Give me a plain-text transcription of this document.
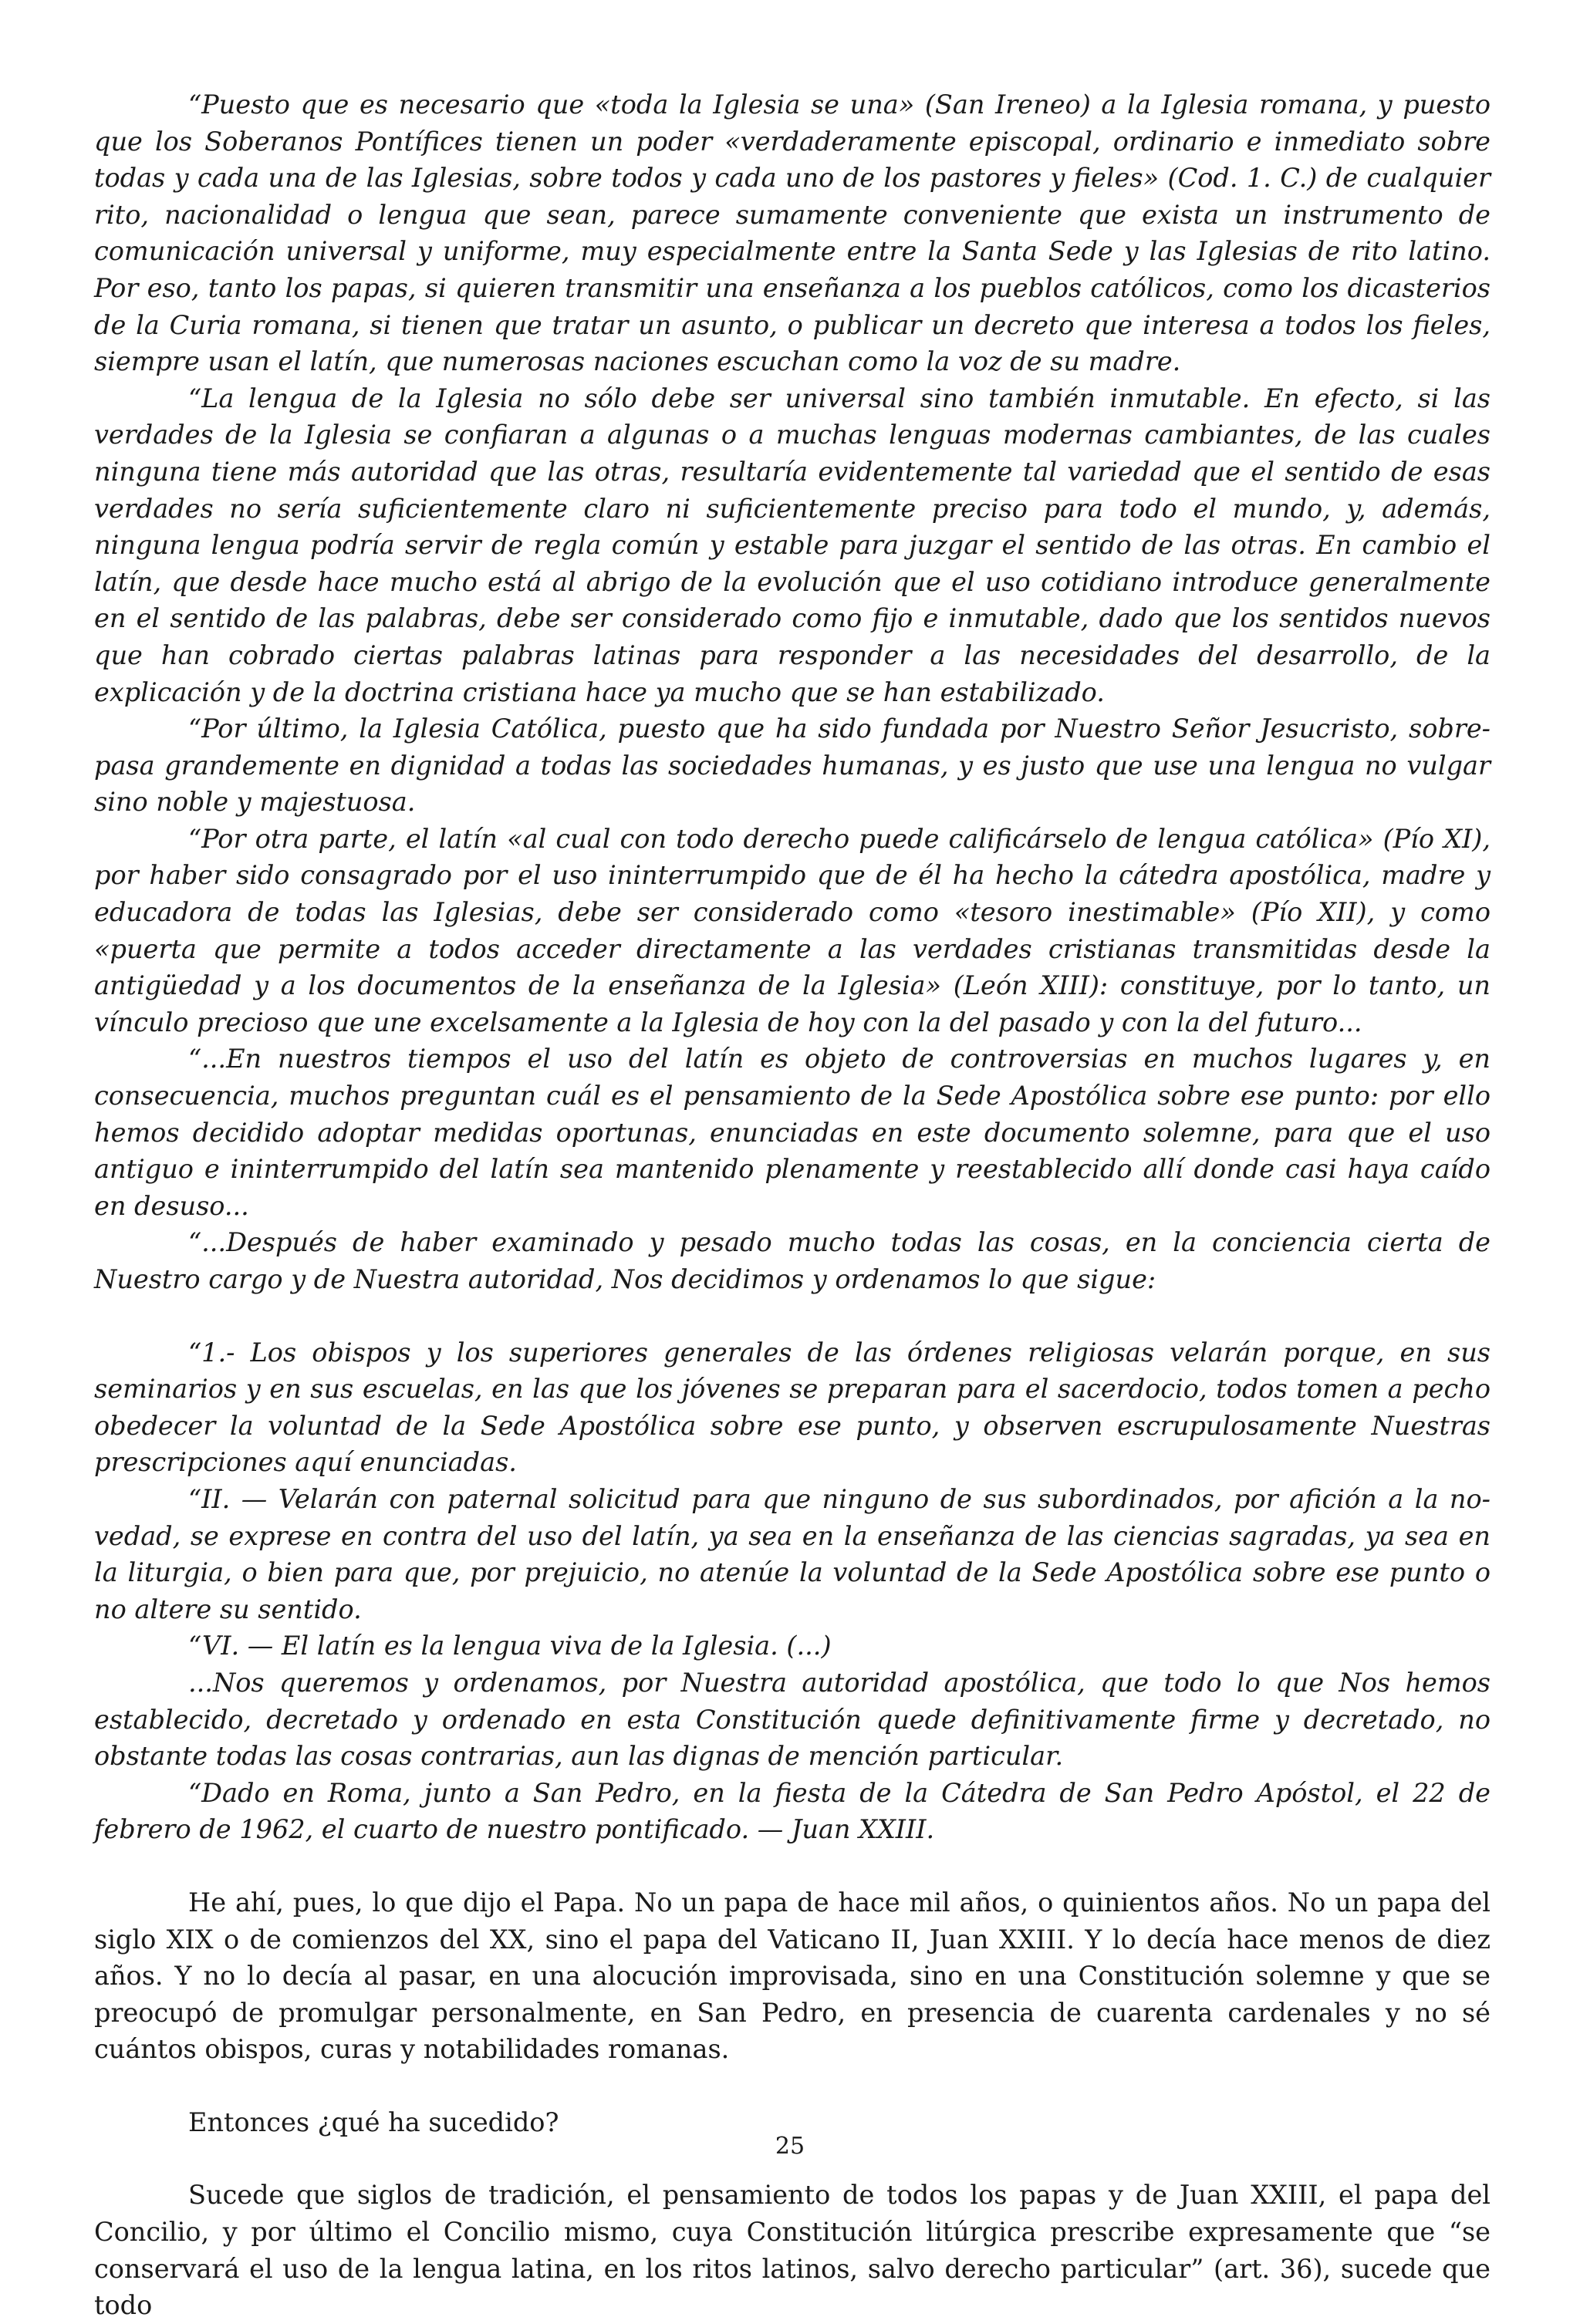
“Puesto que es necesario que «toda la Iglesia se una» (San Ireneo) a la Iglesia romana, y puesto que los Soberanos Pontífices tienen un poder «verdaderamente episcopal, ordinario e inmediato sobre todas y cada una de las Iglesias, sobre todos y cada uno de los pastores y fieles» (Cod. 1. C.) de cualquier rito, nacionalidad o lengua que sean, parece sumamente conveniente que exista un instrumento de comunicación universal y uniforme, muy especialmente entre la Santa Sede y las Iglesias de rito latino. Por eso, tanto los papas, si quieren transmitir una enseñanza a los pueblos católicos, como los dicasterios de la Curia romana, si tienen que tratar un asunto, o publicar un decreto que interesa a todos los fieles, siempre usan el latín, que numerosas naciones escuchan como la voz de su madre.

“La lengua de la Iglesia no sólo debe ser universal sino también inmutable. En efecto, si las verdades de la Iglesia se confiaran a algunas o a muchas lenguas modernas cambiantes, de las cuales ninguna tiene más autoridad que las otras, resultaría evidentemente tal variedad que el sentido de esas verdades no sería suficientemente claro ni suficientemente preciso para todo el mundo, y, además, ninguna lengua podría servir de regla común y estable para juzgar el sentido de las otras. En cambio el latín, que desde hace mucho está al abrigo de la evolución que el uso cotidiano introduce generalmente en el sentido de las palabras, debe ser considerado como fijo e inmutable, dado que los sentidos nuevos que han cobrado ciertas palabras latinas para responder a las necesidades del desarrollo, de la explicación y de la doctrina cristiana hace ya mucho que se han estabilizado.

“Por último, la Iglesia Católica, puesto que ha sido fundada por Nuestro Señor Jesucristo, sobre-pasa grandemente en dignidad a todas las sociedades humanas, y es justo que use una lengua no vulgar sino noble y majestuosa.

“Por otra parte, el latín «al cual con todo derecho puede calificárselo de lengua católica» (Pío XI), por haber sido consagrado por el uso ininterrumpido que de él ha hecho la cátedra apostólica, madre y educadora de todas las Iglesias, debe ser considerado como «tesoro inestimable» (Pío XII), y como «puerta que permite a todos acceder directamente a las verdades cristianas transmitidas desde la antigüedad y a los documentos de la enseñanza de la Iglesia» (León XIII): constituye, por lo tanto, un vínculo precioso que une excelsamente a la Iglesia de hoy con la del pasado y con la del futuro...

“...En nuestros tiempos el uso del latín es objeto de controversias en muchos lugares y, en consecuencia, muchos preguntan cuál es el pensamiento de la Sede Apostólica sobre ese punto: por ello hemos decidido adoptar medidas oportunas, enunciadas en este documento solemne, para que el uso antiguo e ininterrumpido del latín sea mantenido plenamente y reestablecido allí donde casi haya caído en desuso...

“...Después de haber examinado y pesado mucho todas las cosas, en la conciencia cierta de Nuestro cargo y de Nuestra autoridad, Nos decidimos y ordenamos lo que sigue:

“1.- Los obispos y los superiores generales de las órdenes religiosas velarán porque, en sus seminarios y en sus escuelas, en las que los jóvenes se preparan para el sacerdocio, todos tomen a pecho obedecer la voluntad de la Sede Apostólica sobre ese punto, y observen escrupulosamente Nuestras prescripciones aquí enunciadas.

“II. — Velarán con paternal solicitud para que ninguno de sus subordinados, por afición a la no-vedad, se exprese en contra del uso del latín, ya sea en la enseñanza de las ciencias sagradas, ya sea en la liturgia, o bien para que, por prejuicio, no atenúe la voluntad de la Sede Apostólica sobre ese punto o no altere su sentido.

“VI. — El latín es la lengua viva de la Iglesia. (...)

...Nos queremos y ordenamos, por Nuestra autoridad apostólica, que todo lo que Nos hemos establecido, decretado y ordenado en esta Constitución quede definitivamente firme y decretado, no obstante todas las cosas contrarias, aun las dignas de mención particular.

“Dado en Roma, junto a San Pedro, en la fiesta de la Cátedra de San Pedro Apóstol, el 22 de febrero de 1962, el cuarto de nuestro pontificado. — Juan XXIII.

He ahí, pues, lo que dijo el Papa. No un papa de hace mil años, o quinientos años. No un papa del siglo XIX o de comienzos del XX, sino el papa del Vaticano II, Juan XXIII. Y lo decía hace menos de diez años. Y no lo decía al pasar, en una alocución improvisada, sino en una Constitución solemne y que se preocupó de promulgar personalmente, en San Pedro, en presencia de cuarenta cardenales y no sé cuántos obispos, curas y notabilidades romanas.

Entonces ¿qué ha sucedido?

Sucede que siglos de tradición, el pensamiento de todos los papas y de Juan XXIII, el papa del Concilio, y por último el Concilio mismo, cuya Constitución litúrgica prescribe expresamente que “se conservará el uso de la lengua latina, en los ritos latinos, salvo derecho particular” (art. 36), sucede que todo

25
